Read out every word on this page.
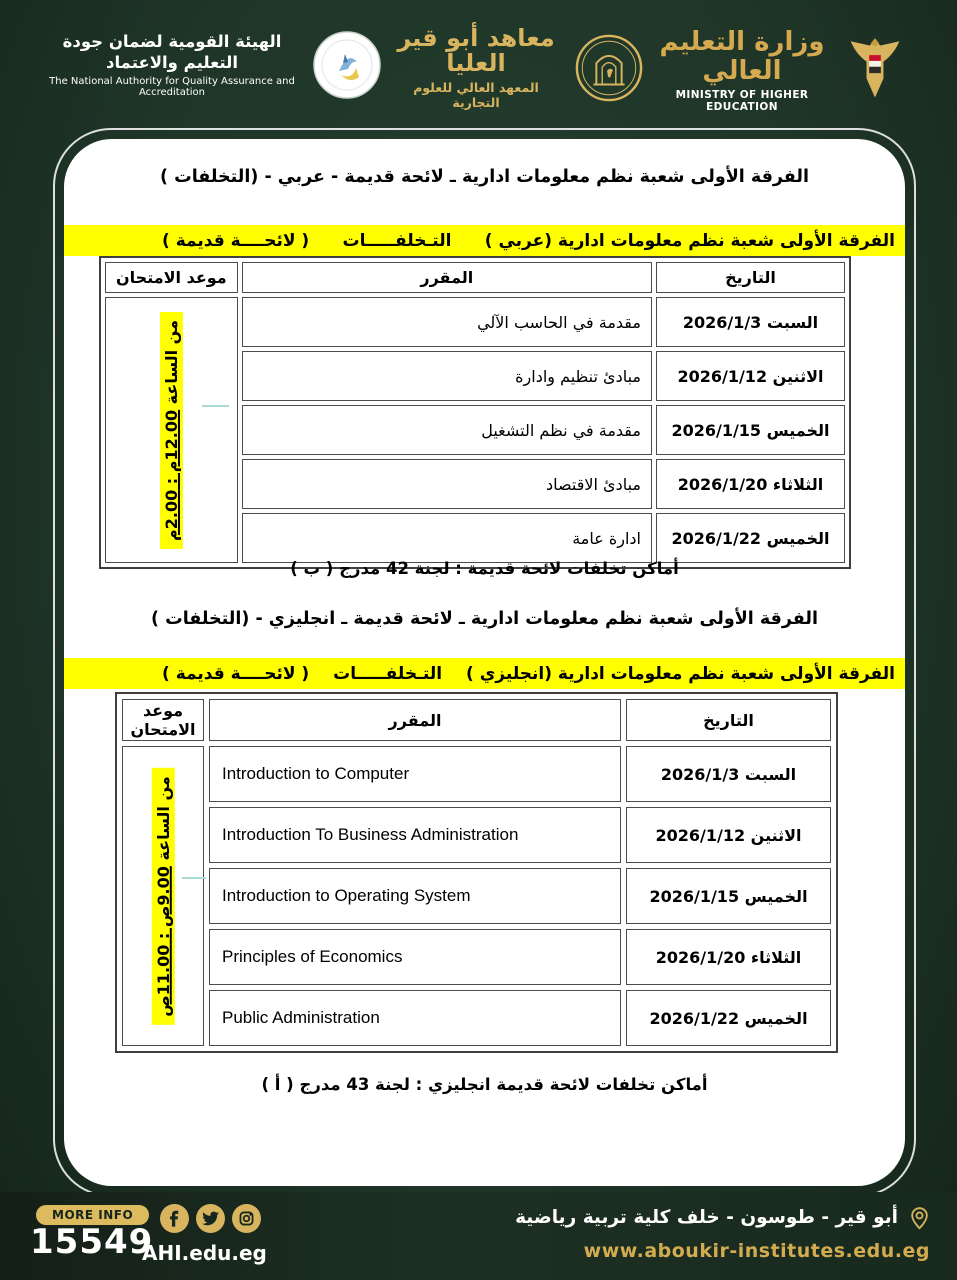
الهيئة القومية لضمان جودة التعليم والاعتماد
The National Authority for Quality Assurance and Accreditation
معاهد أبو قير العليا
المعهد العالي للعلوم التجارية
وزارة التعليم العالي
MINISTRY OF HIGHER EDUCATION
الفرقة الأولى شعبة نظم معلومات ادارية ـ لائحة قديمة - عربي - (التخلفات )
الفرقة الأولى شعبة نظم معلومات ادارية (عربي )
التـخلفـــــات
( لائحــــة قديمة )
التاريخ	المقرر	موعد الامتحان
السبت 2026/1/3	مقدمة في الحاسب الآلي	من الساعة 12.00م : 2.00م

الاثنين 2026/1/12	مبادئ تنظيم وادارة	
الخميس 2026/1/15	مقدمة في نظم التشغيل	
الثلاثاء 2026/1/20	مبادئ الاقتصاد	
الخميس 2026/1/22	ادارة عامة	
أماكن تخلفات لائحة قديمة : لجنة 42 مدرج ( ب )
الفرقة الأولى شعبة نظم معلومات ادارية ـ لائحة قديمة ـ انجليزي - (التخلفات )
الفرقة الأولى شعبة نظم معلومات ادارية (انجليزي )
التـخلفـــــات
( لائحــــة قديمة )
التاريخ	المقرر	موعد الامتحان
السبت 2026/1/3	Introduction to Computer	من الساعة 9.00ص : 11.00ص

الاثنين 2026/1/12	Introduction To Business Administration	
الخميس 2026/1/15	Introduction to Operating System	
الثلاثاء 2026/1/20	Principles of Economics	
الخميس 2026/1/22	Public Administration	
أماكن تخلفات لائحة قديمة انجليزي : لجنة 43 مدرج ( أ )
MORE INFO
15549
AHI.edu.eg
أبو قير - طوسون - خلف كلية تربية رياضية
www.aboukir-institutes.edu.eg
